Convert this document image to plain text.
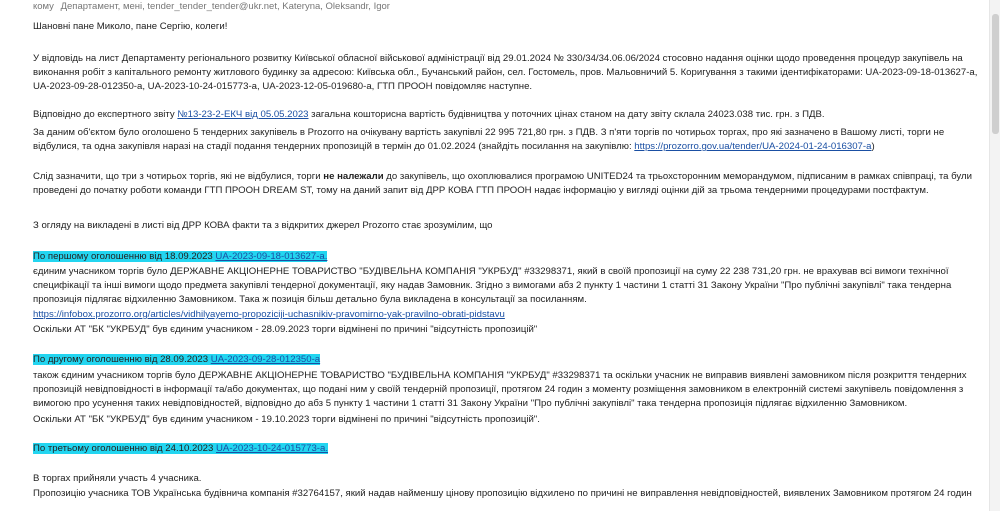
кому Департамент, мені, tender_tender_tender@ukr.net, Kateryna, Oleksandr, Igor

Шановні пане Миколо, пане Сергію, колеги!

У відповідь на лист Департаменту регіонального розвитку Київської обласної військової адміністрації від 29.01.2024 № 330/34/34.06.06/2024 стосовно надання оцінки щодо проведення процедур закупівель на виконання робіт з капітального ремонту житлового будинку за адресою: Київська обл., Бучанський район, сел. Гостомель, пров. Мальовничий 5. Коригування з такими ідентифікаторами: UA-2023-09-18-013627-a, UA-2023-09-28-012350-a, UA-2023-10-24-015773-a, UA-2023-12-05-019680-a, ГТП ПРООН повідомляє наступне.

Відповідно до експертного звіту №13-23-2-ЕКЧ від 05.05.2023 загальна кошторисна вартість будівництва у поточних цінах станом на дату звіту склала 24023.038 тис. грн. з ПДВ.

За даним об'єктом було оголошено 5 тендерних закупівель в Prozorro на очікувану вартість закупівлі 22 995 721,80 грн. з ПДВ. З п'яти торгів по чотирьох торгах, про які зазначено в Вашому листі, торги не відбулися, та одна закупівля наразі на стадії подання тендерних пропозицій в термін до 01.02.2024 (знайдіть посилання на закупівлю: https://prozorro.gov.ua/tender/UA-2024-01-24-016307-a)

Слід зазначити, що три з чотирьох торгів, які не відбулися, торги не належали до закупівель, що охоплювалися програмою UNITED24 та трьохсторонним меморандумом, підписаним в рамках співпраці, та були проведені до початку роботи команди ГТП ПРООН DREAM ST, тому на даний запит від ДРР КОВА ГТП ПРООН надає інформацію у вигляді оцінки дій за трьома тендерними процедурами постфактум.

З огляду на викладені в листі від ДРР КОВА факти та з відкритих джерел Prozorro стає зрозумілим, що

По першому оголошенню від 18.09.2023 UA-2023-09-18-013627-a.

єдиним учасником торгів було ДЕРЖАВНЕ АКЦІОНЕРНЕ ТОВАРИСТВО "БУДІВЕЛЬНА КОМПАНІЯ "УКРБУД" #33298371, який в своїй пропозиції на суму 22 238 731,20 грн. не врахував всі вимоги технічної специфікації та інші вимоги щодо предмета закупівлі тендерної документації, яку надав Замовник. Згідно з вимогами абз 2 пункту 1 частини 1 статті 31 Закону України "Про публічні закупівлі" така тендерна пропозиція підлягає відхиленню Замовником. Така ж позиція більш детально була викладена в консультації за посиланням.

https://infobox.prozorro.org/articles/vidhilyayemo-propoziciji-uchasnikiv-pravomirno-yak-pravilno-obrati-pidstavu

Оскільки АТ "БК "УКРБУД" був єдиним учасником - 28.09.2023 торги відмінені по причині "відсутність пропозицій"

По другому оголошенню від 28.09.2023 UA-2023-09-28-012350-a

також єдиним учасником торгів було ДЕРЖАВНЕ АКЦІОНЕРНЕ ТОВАРИСТВО "БУДІВЕЛЬНА КОМПАНІЯ "УКРБУД" #33298371 та оскільки учасник не виправив виявлені замовником після розкриття тендерних пропозицій невідповідності в інформації та/або документах, що подані ним у своїй тендерній пропозиції, протягом 24 годин з моменту розміщення замовником в електронній системі закупівель повідомлення з вимогою про усунення таких невідповідностей, відповідно до абз 5 пункту 1 частини 1 статті 31 Закону України "Про публічні закупівлі" така тендерна пропозиція підлягає відхиленню Замовником.

Оскільки АТ "БК "УКРБУД" був єдиним учасником - 19.10.2023 торги відмінені по причині "відсутність пропозицій".

По третьому оголошенню від 24.10.2023 UA-2023-10-24-015773-a.

В торгах прийняли участь 4 учасника.

Пропозицію учасника ТОВ Українська будівнича компанія #32764157, який надав найменшу цінову пропозицію відхилено по причині не виправлення невідповідностей, виявлених Замовником протягом 24 годин
